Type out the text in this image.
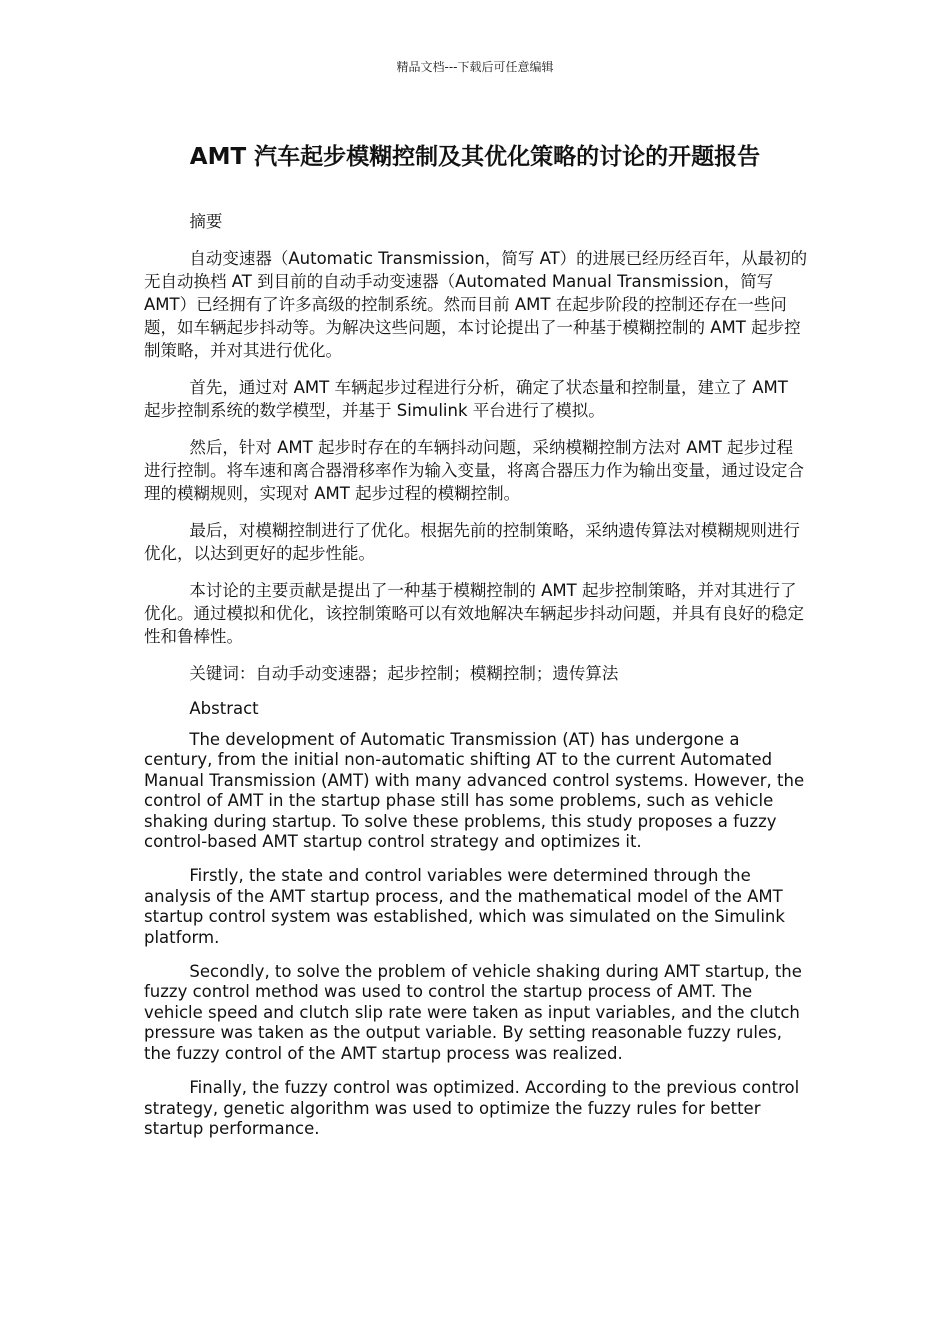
精品文档---下载后可任意编辑
AMT 汽车起步模糊控制及其优化策略的讨论的开题报告

摘要

自动变速器（Automatic Transmission，简写 AT）的进展已经历经百年，从最初的无自动换档 AT 到目前的自动手动变速器（Automated Manual Transmission，简写 AMT）已经拥有了许多高级的控制系统。然而目前 AMT 在起步阶段的控制还存在一些问题，如车辆起步抖动等。为解决这些问题，本讨论提出了一种基于模糊控制的 AMT 起步控制策略，并对其进行优化。

首先，通过对 AMT 车辆起步过程进行分析，确定了状态量和控制量，建立了 AMT 起步控制系统的数学模型，并基于 Simulink 平台进行了模拟。

然后，针对 AMT 起步时存在的车辆抖动问题，采纳模糊控制方法对 AMT 起步过程进行控制。将车速和离合器滑移率作为输入变量，将离合器压力作为输出变量，通过设定合理的模糊规则，实现对 AMT 起步过程的模糊控制。

最后，对模糊控制进行了优化。根据先前的控制策略，采纳遗传算法对模糊规则进行优化，以达到更好的起步性能。

本讨论的主要贡献是提出了一种基于模糊控制的 AMT 起步控制策略，并对其进行了优化。通过模拟和优化，该控制策略可以有效地解决车辆起步抖动问题，并具有良好的稳定性和鲁棒性。

关键词：自动手动变速器；起步控制；模糊控制；遗传算法

Abstract

The development of Automatic Transmission (AT) has undergone a century, from the initial non-automatic shifting AT to the current Automated Manual Transmission (AMT) with many advanced control systems. However, the control of AMT in the startup phase still has some problems, such as vehicle shaking during startup. To solve these problems, this study proposes a fuzzy control-based AMT startup control strategy and optimizes it.

Firstly, the state and control variables were determined through the analysis of the AMT startup process, and the mathematical model of the AMT startup control system was established, which was simulated on the Simulink platform.

Secondly, to solve the problem of vehicle shaking during AMT startup, the fuzzy control method was used to control the startup process of AMT. The vehicle speed and clutch slip rate were taken as input variables, and the clutch pressure was taken as the output variable. By setting reasonable fuzzy rules, the fuzzy control of the AMT startup process was realized.

Finally, the fuzzy control was optimized. According to the previous control strategy, genetic algorithm was used to optimize the fuzzy rules for better startup performance.
